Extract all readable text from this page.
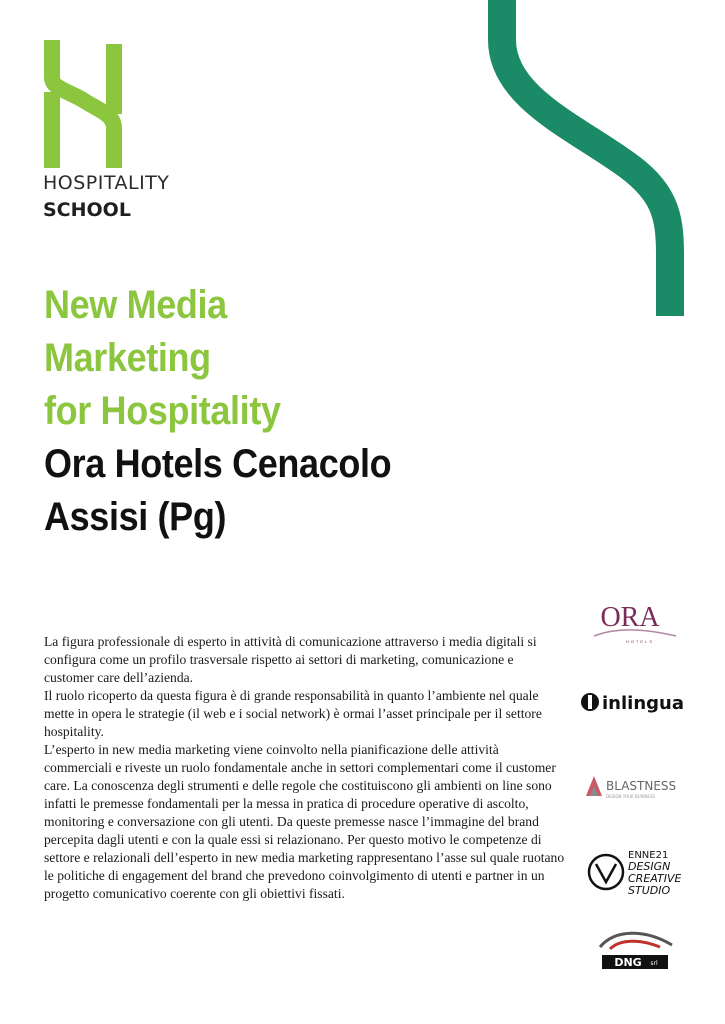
HOSPITALITY
SCHOOL
New Media
Marketing
for Hospitality
Ora Hotels Cenacolo
Assisi (Pg)

La figura professionale di esperto in attività di comunicazione attraverso i media digitali si configura come un profilo trasversale rispetto ai settori di marketing, comunicazione e customer care dell’azienda.

Il ruolo ricoperto da questa figura è di grande responsabilità in quanto l’ambiente nel quale mette in opera le strategie (il web e i social network) è ormai l’asset principale per il settore hospitality.

L’esperto in new media marketing viene coinvolto nella pianificazione delle attività commerciali e riveste un ruolo fondamentale anche in settori complementari come il customer care. La conoscenza degli strumenti e delle regole che costituiscono gli ambienti on line sono infatti le premesse fondamentali per la messa in pratica di procedure operative di ascolto, monitoring e conversazione con gli utenti. Da queste premesse nasce l’immagine del brand percepita dagli utenti e con la quale essi si relazionano. Per questo motivo le competenze di settore e relazionali dell’esperto in new media marketing rappresentano l’asse sul quale ruotano le politiche di engagement del brand che prevedono coinvolgimento di utenti e partner in un progetto comunicativo coerente con gli obiettivi fissati.

ORA
HOTELS
inlingua
BLASTNESS
DESIGN YOUR BUSINESS
ENNE21
DESIGN
CREATIVE
STUDIO
DNG srl
